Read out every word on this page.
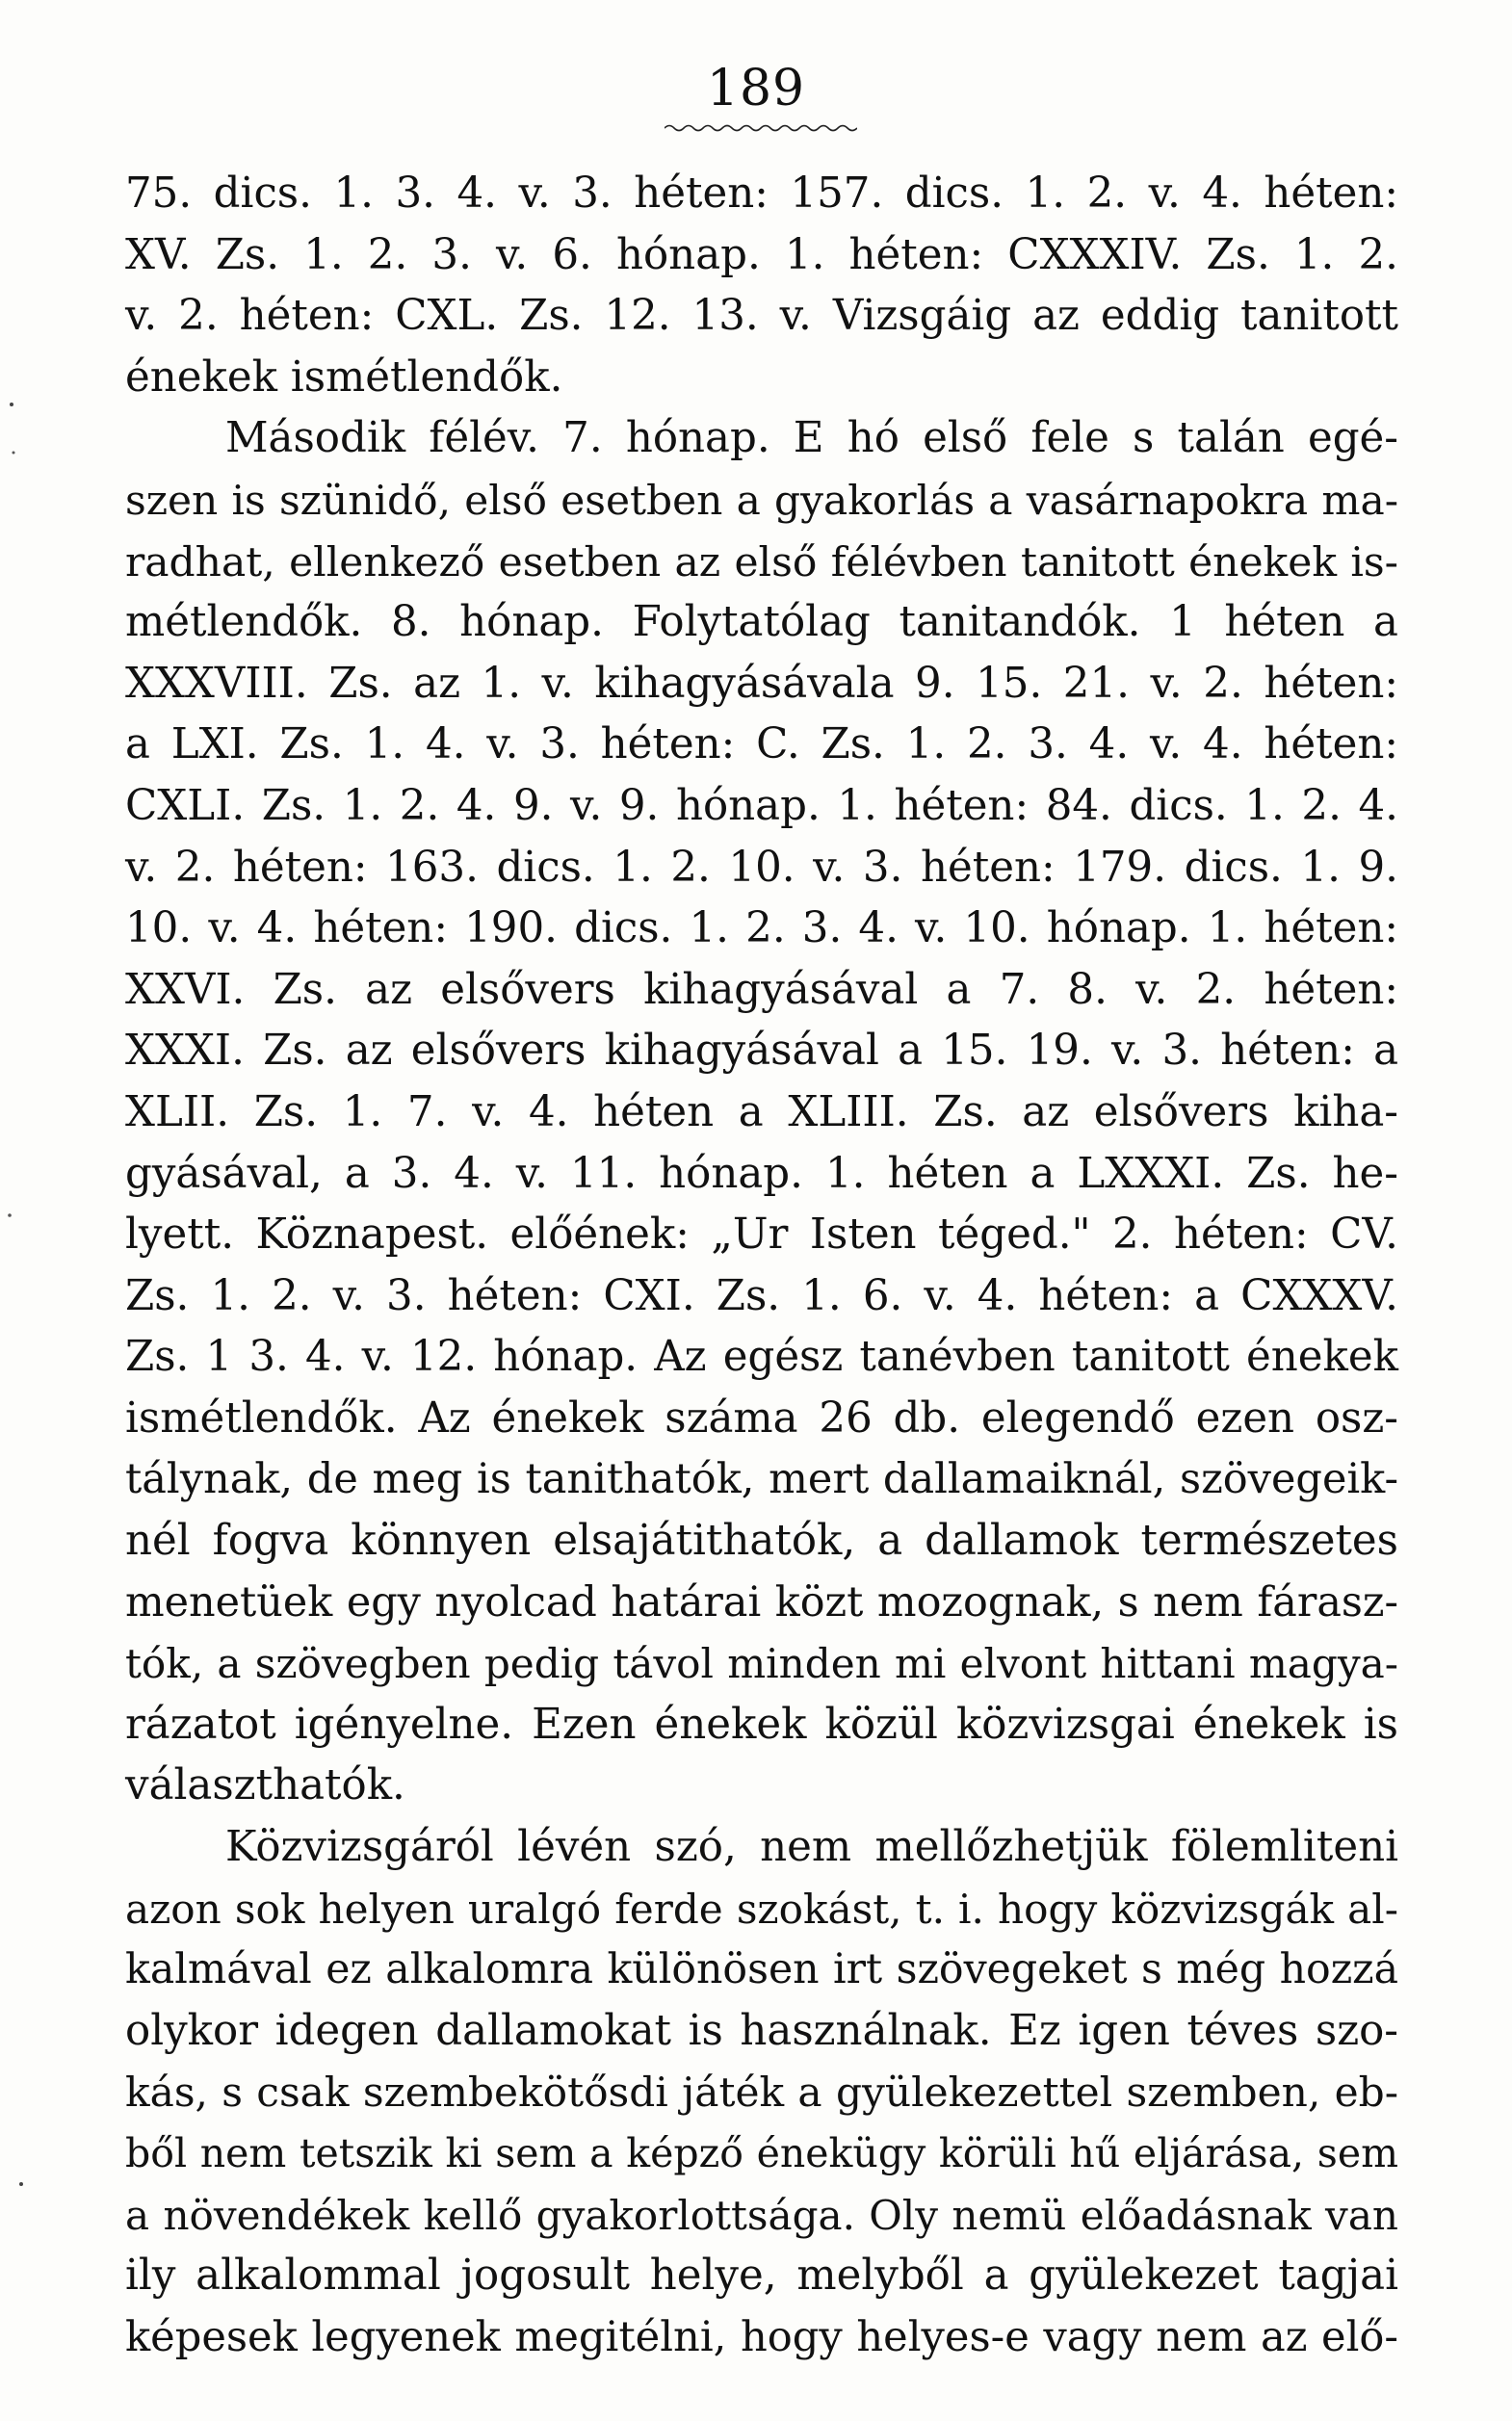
189
75. dics. 1. 3. 4. v. 3. héten: 157. dics. 1. 2. v. 4. héten:
XV. Zs. 1. 2. 3. v. 6. hónap. 1. héten: CXXXIV. Zs. 1. 2.
v. 2. héten: CXL. Zs. 12. 13. v. Vizsgáig az eddig tanitott
énekek ismétlendők.
Második félév. 7. hónap. E hó első fele s talán egé-
szen is szünidő, első esetben a gyakorlás a vasárnapokra ma-
radhat, ellenkező esetben az első félévben tanitott énekek is-
métlendők. 8. hónap. Folytatólag tanitandók. 1 héten a
XXXVIII. Zs. az 1. v. kihagyásávala 9. 15. 21. v. 2. héten:
a LXI. Zs. 1. 4. v. 3. héten: C. Zs. 1. 2. 3. 4. v. 4. héten:
CXLI. Zs. 1. 2. 4. 9. v. 9. hónap. 1. héten: 84. dics. 1. 2. 4.
v. 2. héten: 163. dics. 1. 2. 10. v. 3. héten: 179. dics. 1. 9.
10. v. 4. héten: 190. dics. 1. 2. 3. 4. v. 10. hónap. 1. héten:
XXVI. Zs. az elsővers kihagyásával a 7. 8. v. 2. héten:
XXXI. Zs. az elsővers kihagyásával a 15. 19. v. 3. héten: a
XLII. Zs. 1. 7. v. 4. héten a XLIII. Zs. az elsővers kiha-
gyásával, a 3. 4. v. 11. hónap. 1. héten a LXXXI. Zs. he-
lyett. Köznapest. előének: „Ur Isten téged." 2. héten: CV.
Zs. 1. 2. v. 3. héten: CXI. Zs. 1. 6. v. 4. héten: a CXXXV.
Zs. 1 3. 4. v. 12. hónap. Az egész tanévben tanitott énekek
ismétlendők. Az énekek száma 26 db. elegendő ezen osz-
tálynak, de meg is tanithatók, mert dallamaiknál, szövegeik-
nél fogva könnyen elsajátithatók, a dallamok természetes
menetüek egy nyolcad határai közt mozognak, s nem fárasz-
tók, a szövegben pedig távol minden mi elvont hittani magya-
rázatot igényelne. Ezen énekek közül közvizsgai énekek is
választhatók.
Közvizsgáról lévén szó, nem mellőzhetjük fölemliteni
azon sok helyen uralgó ferde szokást, t. i. hogy közvizsgák al-
kalmával ez alkalomra különösen irt szövegeket s még hozzá
olykor idegen dallamokat is használnak. Ez igen téves szo-
kás, s csak szembekötősdi játék a gyülekezettel szemben, eb-
ből nem tetszik ki sem a képző énekügy körüli hű eljárása, sem
a növendékek kellő gyakorlottsága. Oly nemü előadásnak van
ily alkalommal jogosult helye, melyből a gyülekezet tagjai
képesek legyenek megitélni, hogy helyes-e vagy nem az elő-
